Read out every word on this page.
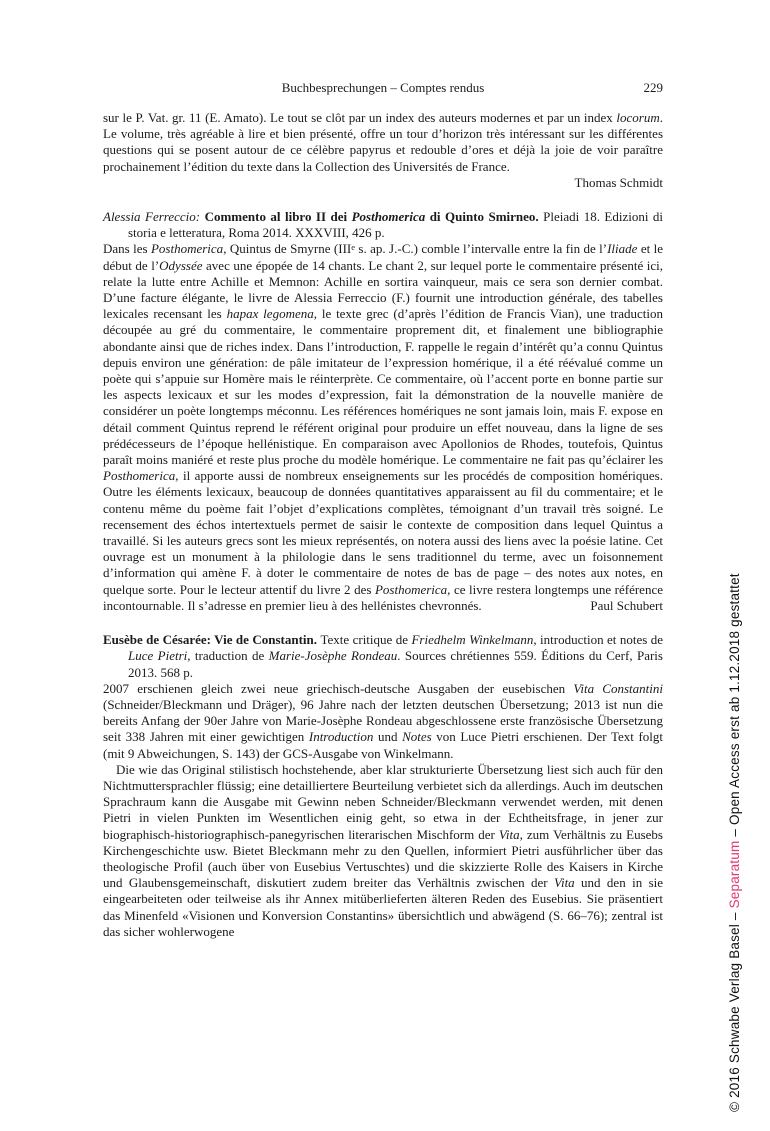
Buchbesprechungen – Comptes rendus	229

sur le P. Vat. gr. 11 (E. Amato). Le tout se clôt par un index des auteurs modernes et par un index locorum. Le volume, très agréable à lire et bien présenté, offre un tour d’horizon très intéressant sur les différentes questions qui se posent autour de ce célèbre papyrus et redouble d’ores et déjà la joie de voir paraître prochainement l’édition du texte dans la Collection des Universités de France.

Thomas Schmidt

Alessia Ferreccio: Commento al libro II dei Posthomerica di Quinto Smirneo. Pleiadi 18. Edizioni di storia e letteratura, Roma 2014. XXXVIII, 426 p.

Dans les Posthomerica, Quintus de Smyrne (IIIe s. ap. J.-C.) comble l’intervalle entre la fin de l’Iliade et le début de l’Odyssée avec une épopée de 14 chants. Le chant 2, sur lequel porte le commentaire présenté ici, relate la lutte entre Achille et Memnon: Achille en sortira vainqueur, mais ce sera son dernier combat. D’une facture élégante, le livre de Alessia Ferreccio (F.) fournit une introduction générale, des tabelles lexicales recensant les hapax legomena, le texte grec (d’après l’édition de Francis Vian), une traduction découpée au gré du commentaire, le commentaire proprement dit, et finalement une bibliographie abondante ainsi que de riches index. Dans l’introduction, F. rappelle le regain d’intérêt qu’a connu Quintus depuis environ une génération: de pâle imitateur de l’expression homérique, il a été réévalué comme un poète qui s’appuie sur Homère mais le réinterprète. Ce commentaire, où l’accent porte en bonne partie sur les aspects lexicaux et sur les modes d’expression, fait la démonstration de la nouvelle manière de considérer un poète longtemps méconnu. Les références homériques ne sont jamais loin, mais F. expose en détail comment Quintus reprend le référent original pour produire un effet nouveau, dans la ligne de ses prédécesseurs de l’époque hellénistique. En comparaison avec Apollonios de Rhodes, toutefois, Quintus paraît moins maniéré et reste plus proche du modèle homérique. Le commentaire ne fait pas qu’éclairer les Posthomerica, il apporte aussi de nombreux enseignements sur les procédés de composition homériques. Outre les éléments lexicaux, beaucoup de données quantitatives apparaissent au fil du commentaire; et le contenu même du poème fait l’objet d’explications complètes, témoignant d’un travail très soigné. Le recensement des échos intertextuels permet de saisir le contexte de composition dans lequel Quintus a travaillé. Si les auteurs grecs sont les mieux représentés, on notera aussi des liens avec la poésie latine. Cet ouvrage est un monument à la philologie dans le sens traditionnel du terme, avec un foisonnement d’information qui amène F. à doter le commentaire de notes de bas de page – des notes aux notes, en quelque sorte. Pour le lecteur attentif du livre 2 des Posthomerica, ce livre restera longtemps une référence incontournable. Il s’adresse en premier lieu à des hellénistes chevronnés.	Paul Schubert

Eusèbe de Césarée: Vie de Constantin. Texte critique de Friedhelm Winkelmann, introduction et notes de Luce Pietri, traduction de Marie-Josèphe Rondeau. Sources chrétiennes 559. Éditions du Cerf, Paris 2013. 568 p.

2007 erschienen gleich zwei neue griechisch-deutsche Ausgaben der eusebischen Vita Constantini (Schneider/Bleckmann und Dräger), 96 Jahre nach der letzten deutschen Übersetzung; 2013 ist nun die bereits Anfang der 90er Jahre von Marie-Josèphe Rondeau abgeschlossene erste französische Übersetzung seit 338 Jahren mit einer gewichtigen Introduction und Notes von Luce Pietri erschienen. Der Text folgt (mit 9 Abweichungen, S. 143) der GCS-Ausgabe von Winkelmann.

Die wie das Original stilistisch hochstehende, aber klar strukturierte Übersetzung liest sich auch für den Nichtmuttersprachler flüssig; eine detailliertere Beurteilung verbietet sich da allerdings. Auch im deutschen Sprachraum kann die Ausgabe mit Gewinn neben Schneider/Bleckmann verwendet werden, mit denen Pietri in vielen Punkten im Wesentlichen einig geht, so etwa in der Echtheitsfrage, in jener zur biographisch-historiographisch-panegyrischen literarischen Mischform der Vita, zum Verhältnis zu Eusebs Kirchengeschichte usw. Bietet Bleckmann mehr zu den Quellen, informiert Pietri ausführlicher über das theologische Profil (auch über von Eusebius Vertuschtes) und die skizzierte Rolle des Kaisers in Kirche und Glaubensgemeinschaft, diskutiert zudem breiter das Verhältnis zwischen der Vita und den in sie eingearbeiteten oder teilweise als ihr Annex mitüberlieferten älteren Reden des Eusebius. Sie präsentiert das Minenfeld «Visionen und Konversion Constantins» übersichtlich und abwägend (S. 66–76); zentral ist das sicher wohlerwogene	© 2016 Schwabe Verlag Basel – Separatum – Open Access erst ab 1.12.2018 gestattet
